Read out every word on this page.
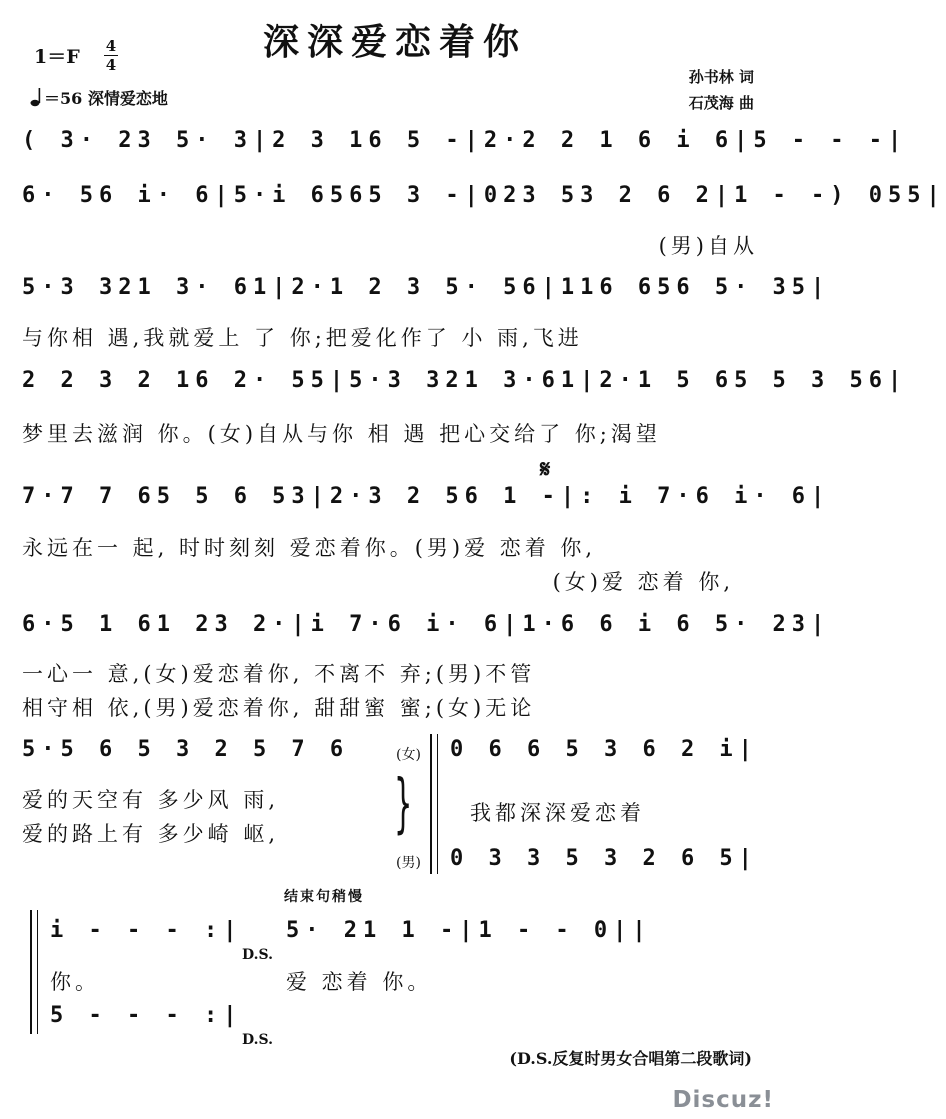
深深爱恋着你
1＝F 4
4
＝56 深情爱恋地
孙书林 词
石茂海 曲
( 3· 23 5· 3|2 3 16 5 -|2·2 2 1 6 i 6|5 - - -|
6· 56 i· 6|5·i 6565 3 -|023 53 2 6 2|1 - -) 055|
(男)自从
5·3 321 3· 61|2·1 2 3 5· 56|116 656 5· 35|
与你相 遇,我就爱上 了 你;把爱化作了 小 雨,飞进
2 2 3 2 16 2· 55|5·3 321 3·61|2·1 5 65 5 3 56|
梦里去滋润 你。(女)自从与你 相 遇 把心交给了 你;渴望
𝄋
7·7 7 65 5 6 53|2·3 2 56 1 -|: i 7·6 i· 6|
永远在一 起, 时时刻刻 爱恋着你。(男)爱 恋着 你,
(女)爱 恋着 你,
6·5 1 61 23 2·|i 7·6 i· 6|1·6 6 i 6 5· 23|
一心一 意,(女)爱恋着你, 不离不 弃;(男)不管
相守相 依,(男)爱恋着你, 甜甜蜜 蜜;(女)无论
5·5 6 5 3 2 5 7 6	(女)
爱的天空有 多少风 雨,
爱的路上有 多少崎 岖, }
(男)
0 6 6 5 3 6 2 i|
我都深深爱恋着
0 3 3 5 3 2 6 5|
结束句稍慢
i - - - :|
D.S.
5· 21 1 -|1 - - 0||
你。	爱 恋着 你。
5 - - - :|
D.S.
(D.S.反复时男女合唱第二段歌词)
Discuz!
